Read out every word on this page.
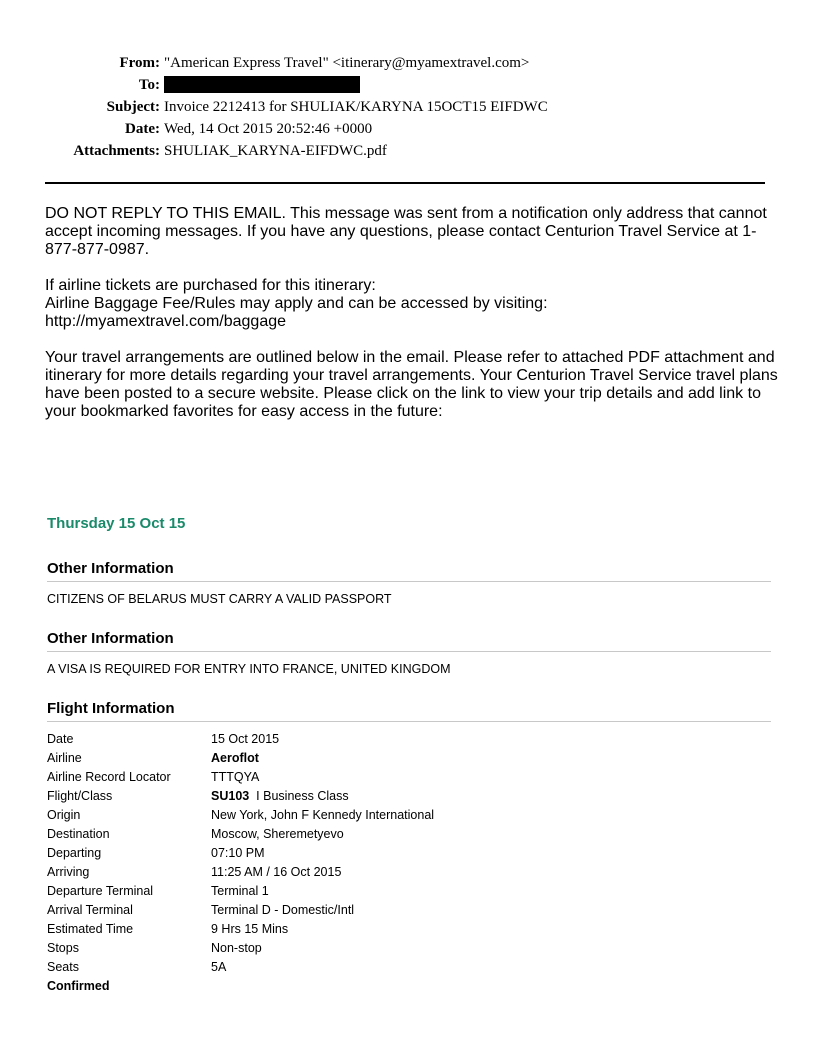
From: "American Express Travel" <itinerary@myamextravel.com>
To:
Subject: Invoice 2212413 for SHULIAK/KARYNA 15OCT15 EIFDWC
Date: Wed, 14 Oct 2015 20:52:46 +0000
Attachments: SHULIAK_KARYNA-EIFDWC.pdf

DO NOT REPLY TO THIS EMAIL. This message was sent from a notification only address that cannot accept incoming messages. If you have any questions, please contact Centurion Travel Service at 1-877-877-0987.

If airline tickets are purchased for this itinerary:
Airline Baggage Fee/Rules may apply and can be accessed by visiting:
http://myamextravel.com/baggage

Your travel arrangements are outlined below in the email. Please refer to attached PDF attachment and itinerary for more details regarding your travel arrangements. Your Centurion Travel Service travel plans have been posted to a secure website. Please click on the link to view your trip details and add link to your bookmarked favorites for easy access in the future:

Thursday 15 Oct 15
Other Information
CITIZENS OF BELARUS MUST CARRY A VALID PASSPORT
Other Information
A VISA IS REQUIRED FOR ENTRY INTO FRANCE, UNITED KINGDOM
Flight Information
Date	15 Oct 2015
Airline	Aeroflot
Airline Record Locator	TTTQYA
Flight/Class	SU103  I Business Class
Origin	New York, John F Kennedy International
Destination	Moscow, Sheremetyevo
Departing	07:10 PM
Arriving	11:25 AM / 16 Oct 2015
Departure Terminal	Terminal 1
Arrival Terminal	Terminal D - Domestic/Intl
Estimated Time	9 Hrs 15 Mins
Stops	Non-stop
Seats	5A
Confirmed
